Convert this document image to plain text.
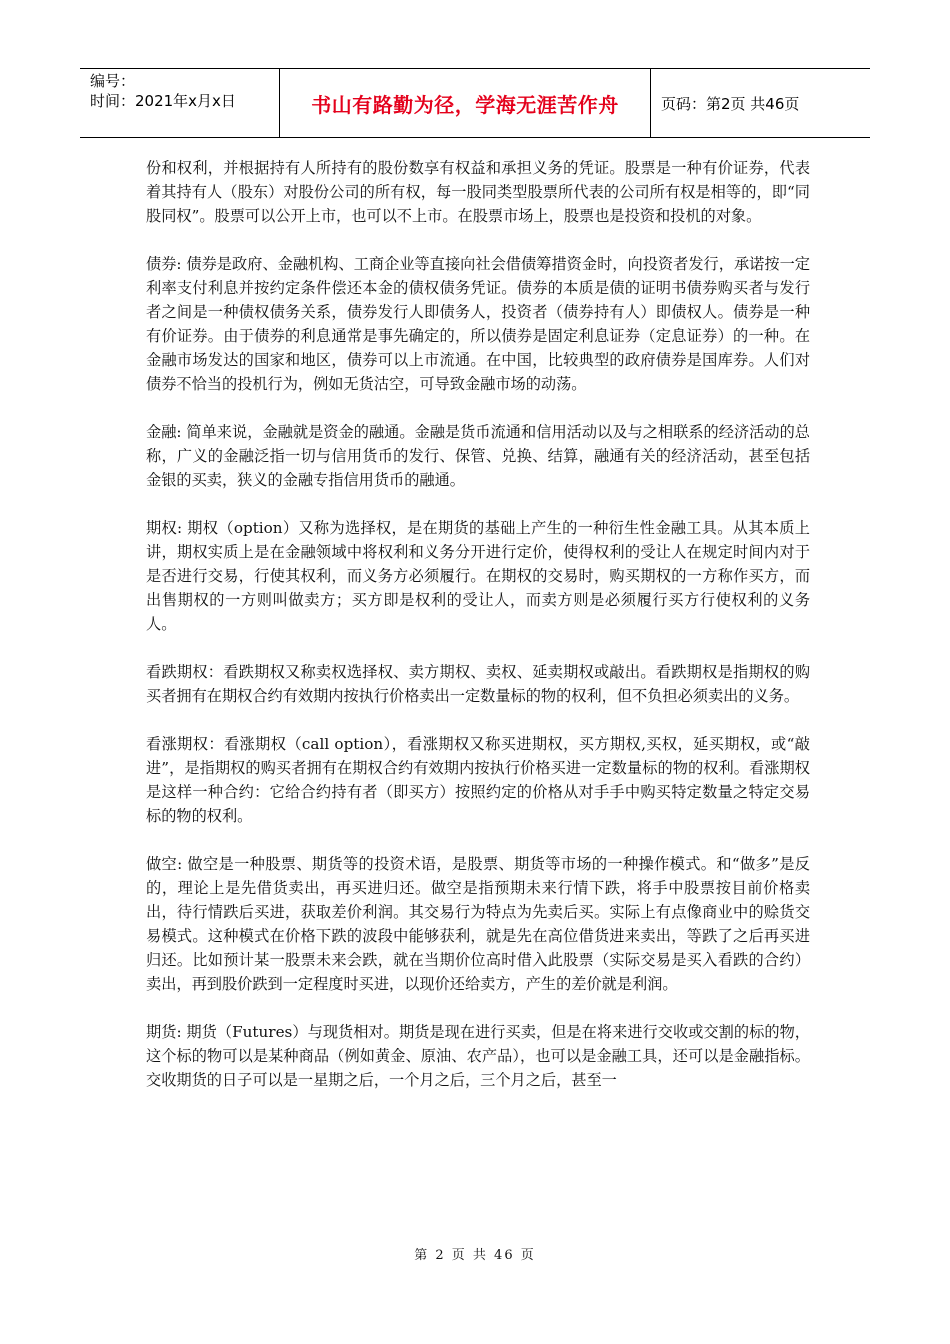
编号：
时间：2021年x月x日	书山有路勤为径，学海无涯苦作舟	页码：第2页 共46页

份和权利，并根据持有人所持有的股份数享有权益和承担义务的凭证。股票是一种有价证券，代表着其持有人（股东）对股份公司的所有权，每一股同类型股票所代表的公司所有权是相等的，即“同股同权”。股票可以公开上市，也可以不上市。在股票市场上，股票也是投资和投机的对象。

债券: 债券是政府、金融机构、工商企业等直接向社会借债筹措资金时，向投资者发行，承诺按一定利率支付利息并按约定条件偿还本金的债权债务凭证。债券的本质是债的证明书债券购买者与发行者之间是一种债权债务关系，债券发行人即债务人，投资者（债券持有人）即债权人。债券是一种有价证券。由于债券的利息通常是事先确定的，所以债券是固定利息证券（定息证券）的一种。在金融市场发达的国家和地区，债券可以上市流通。在中国，比较典型的政府债券是国库券。人们对债券不恰当的投机行为，例如无货沽空，可导致金融市场的动荡。

金融: 简单来说，金融就是资金的融通。金融是货币流通和信用活动以及与之相联系的经济活动的总称，广义的金融泛指一切与信用货币的发行、保管、兑换、结算，融通有关的经济活动，甚至包括金银的买卖，狭义的金融专指信用货币的融通。

期权: 期权（option）又称为选择权，是在期货的基础上产生的一种衍生性金融工具。从其本质上讲，期权实质上是在金融领域中将权利和义务分开进行定价，使得权利的受让人在规定时间内对于是否进行交易，行使其权利，而义务方必须履行。在期权的交易时，购买期权的一方称作买方，而出售期权的一方则叫做卖方；买方即是权利的受让人，而卖方则是必须履行买方行使权利的义务人。

看跌期权：看跌期权又称卖权选择权、卖方期权、卖权、延卖期权或敲出。看跌期权是指期权的购买者拥有在期权合约有效期内按执行价格卖出一定数量标的物的权利，但不负担必须卖出的义务。

看涨期权：看涨期权（call option），看涨期权又称买进期权，买方期权,买权，延买期权，或“敲进”，是指期权的购买者拥有在期权合约有效期内按执行价格买进一定数量标的物的权利。看涨期权是这样一种合约：它给合约持有者（即买方）按照约定的价格从对手手中购买特定数量之特定交易标的物的权利。

做空: 做空是一种股票、期货等的投资术语，是股票、期货等市场的一种操作模式。和“做多”是反的，理论上是先借货卖出，再买进归还。做空是指预期未来行情下跌，将手中股票按目前价格卖出，待行情跌后买进，获取差价利润。其交易行为特点为先卖后买。实际上有点像商业中的赊货交易模式。这种模式在价格下跌的波段中能够获利，就是先在高位借货进来卖出，等跌了之后再买进归还。比如预计某一股票未来会跌，就在当期价位高时借入此股票（实际交易是买入看跌的合约）卖出，再到股价跌到一定程度时买进，以现价还给卖方，产生的差价就是利润。

期货: 期货（Futures）与现货相对。期货是现在进行买卖，但是在将来进行交收或交割的标的物，这个标的物可以是某种商品（例如黄金、原油、农产品），也可以是金融工具，还可以是金融指标。交收期货的日子可以是一星期之后，一个月之后，三个月之后，甚至一

第 2 页 共 46 页
